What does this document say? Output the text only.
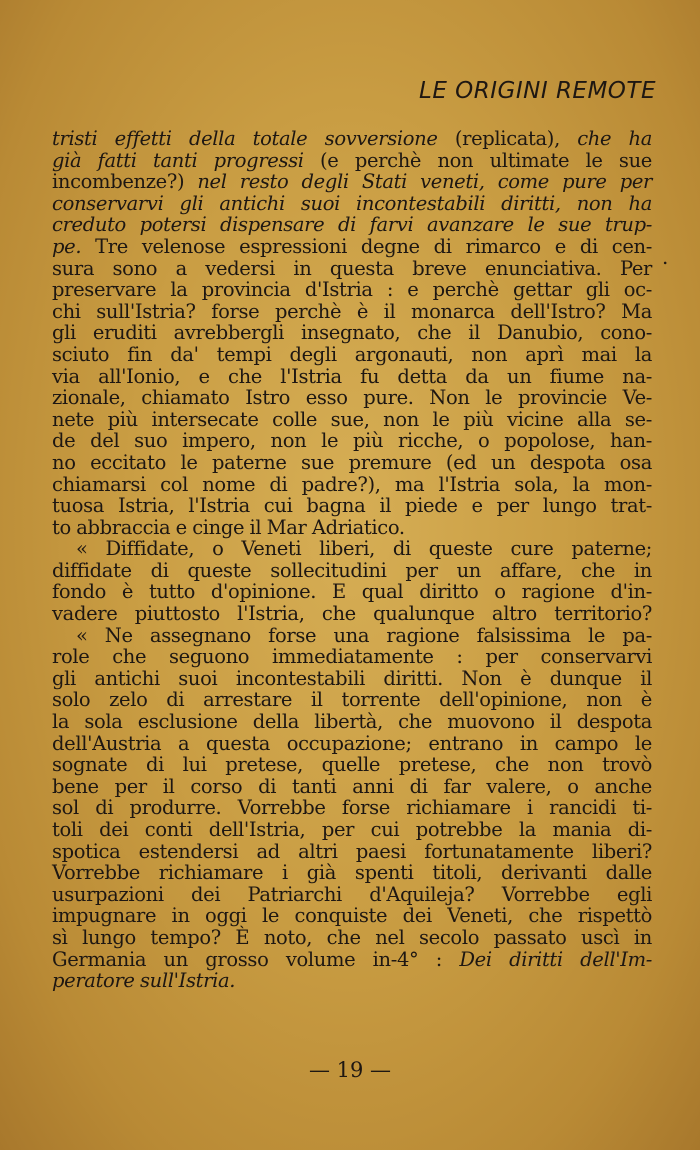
LE ORIGINI REMOTE
.
tristi effetti della totale sovversione (replicata), che ha
già fatti tanti progressi (e perchè non ultimate le sue
incombenze?) nel resto degli Stati veneti, come pure per
conservarvi gli antichi suoi incontestabili diritti, non ha
creduto potersi dispensare di farvi avanzare le sue trup-
pe. Tre velenose espressioni degne di rimarco e di cen-
sura sono a vedersi in questa breve enunciativa. Per
preservare la provincia d'Istria : e perchè gettar gli oc-
chi sull'Istria? forse perchè è il monarca dell'Istro? Ma
gli eruditi avrebbergli insegnato, che il Danubio, cono-
sciuto fin da' tempi degli argonauti, non aprì mai la
via all'Ionio, e che l'Istria fu detta da un fiume na-
zionale, chiamato Istro esso pure. Non le provincie Ve-
nete più intersecate colle sue, non le più vicine alla se-
de del suo impero, non le più ricche, o popolose, han-
no eccitato le paterne sue premure (ed un despota osa
chiamarsi col nome di padre?), ma l'Istria sola, la mon-
tuosa Istria, l'Istria cui bagna il piede e per lungo trat-
to abbraccia e cinge il Mar Adriatico.
« Diffidate, o Veneti liberi, di queste cure paterne;
diffidate di queste sollecitudini per un affare, che in
fondo è tutto d'opinione. E qual diritto o ragione d'in-
vadere piuttosto l'Istria, che qualunque altro territorio?
« Ne assegnano forse una ragione falsissima le pa-
role che seguono immediatamente : per conservarvi
gli antichi suoi incontestabili diritti. Non è dunque il
solo zelo di arrestare il torrente dell'opinione, non è
la sola esclusione della libertà, che muovono il despota
dell'Austria a questa occupazione; entrano in campo le
sognate di lui pretese, quelle pretese, che non trovò
bene per il corso di tanti anni di far valere, o anche
sol di produrre. Vorrebbe forse richiamare i rancidi ti-
toli dei conti dell'Istria, per cui potrebbe la mania di-
spotica estendersi ad altri paesi fortunatamente liberi?
Vorrebbe richiamare i già spenti titoli, derivanti dalle
usurpazioni dei Patriarchi d'Aquileja? Vorrebbe egli
impugnare in oggi le conquiste dei Veneti, che rispettò
sì lungo tempo? È noto, che nel secolo passato uscì in
Germania un grosso volume in-4° : Dei diritti dell'Im-
peratore sull'Istria.
— 19 —
